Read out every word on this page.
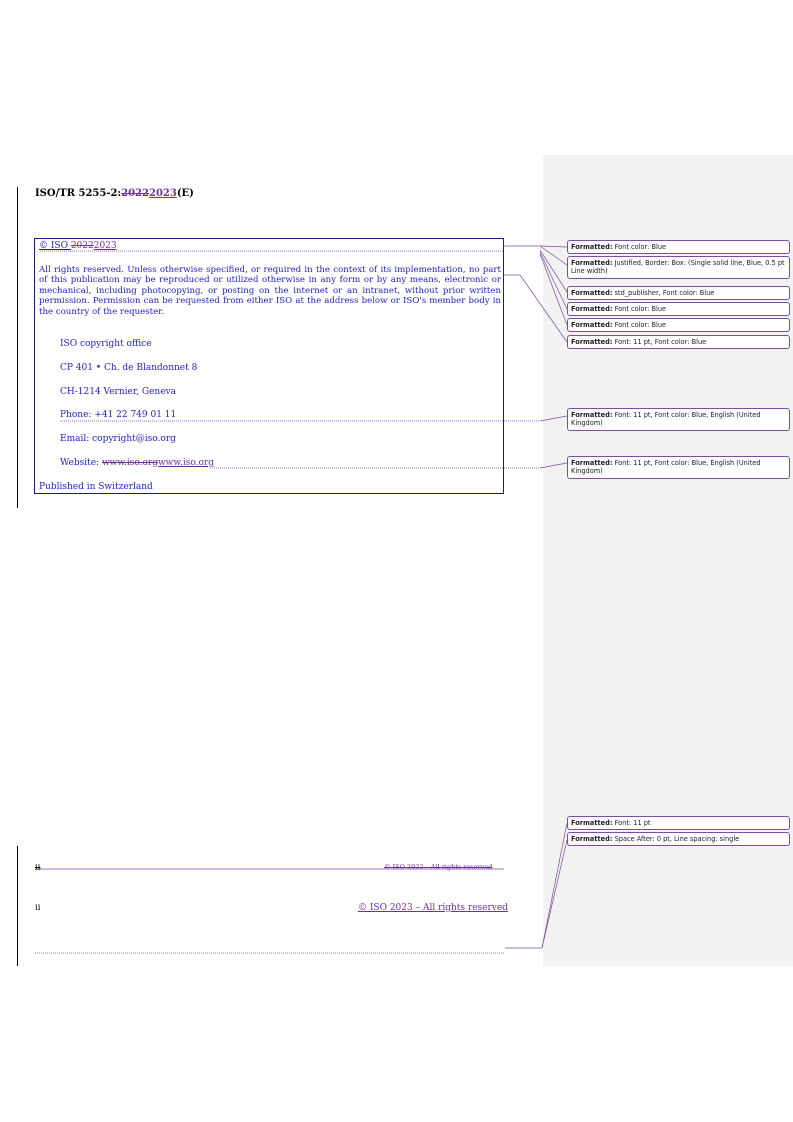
ISO/TR 5255-2:20222023(E)
© ISO 20222023
All rights reserved. Unless otherwise specified, or required in the context of its implementation, no part of this publication may be reproduced or utilized otherwise in any form or by any means, electronic or mechanical, including photocopying, or posting on the internet or an intranet, without prior written permission. Permission can be requested from either ISO at the address below or ISO's member body in the country of the requester.
ISO copyright office
CP 401 • Ch. de Blandonnet 8
CH-1214 Vernier, Geneva
Phone: +41 22 749 01 11
Email: copyright@iso.org
Website: www.iso.orgwww.iso.org
Published in Switzerland
ii	© ISO 2022 – All rights reserved
ii	© ISO 2023 – All rights reserved
Formatted: Font color: Blue
Formatted: Justified, Border: Box: (Single solid line, Blue, 0.5 pt Line width)
Formatted: std_publisher, Font color: Blue
Formatted: Font color: Blue
Formatted: Font color: Blue
Formatted: Font: 11 pt, Font color: Blue
Formatted: Font: 11 pt, Font color: Blue, English (United Kingdom)
Formatted: Font: 11 pt, Font color: Blue, English (United Kingdom)
Formatted: Font: 11 pt
Formatted: Space After: 0 pt, Line spacing: single
